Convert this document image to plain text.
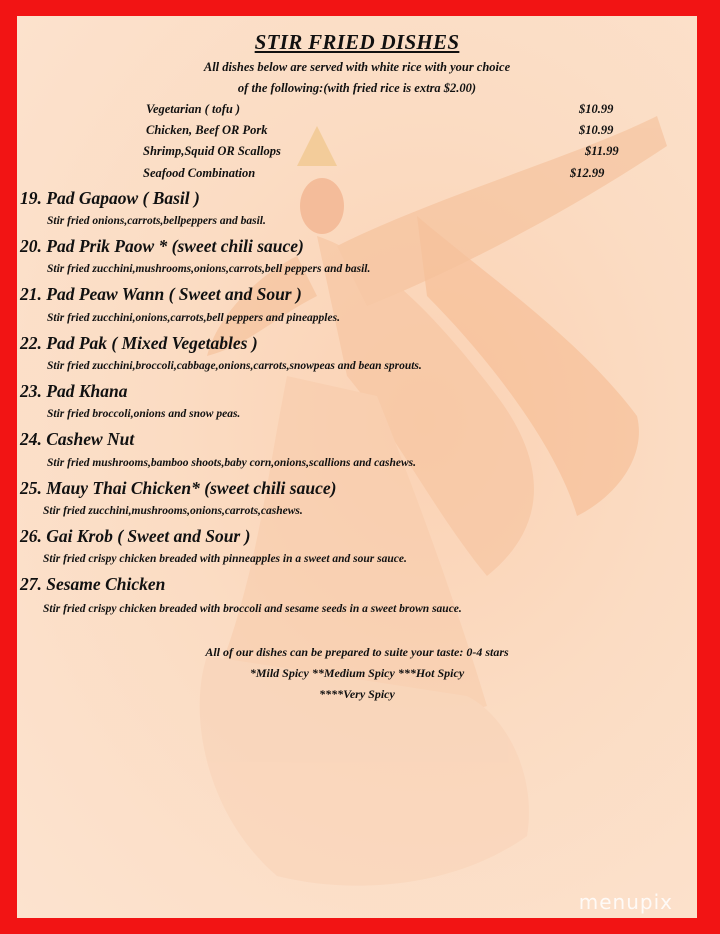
STIR FRIED DISHES
All dishes below are served with white rice with your choice
of the following:(with fried rice is extra $2.00)
Vegetarian ( tofu )	$10.99
Chicken, Beef OR Pork	$10.99
Shrimp,Squid OR Scallops	$11.99
Seafood Combination	$12.99
19. Pad Gapaow ( Basil )
Stir fried onions,carrots,bellpeppers and basil.
20. Pad Prik Paow * (sweet chili sauce)
Stir fried zucchini,mushrooms,onions,carrots,bell peppers and basil.
21. Pad Peaw Wann ( Sweet and Sour )
Stir fried zucchini,onions,carrots,bell peppers and pineapples.
22. Pad Pak ( Mixed Vegetables )
Stir fried zucchini,broccoli,cabbage,onions,carrots,snowpeas and bean sprouts.
23. Pad Khana
Stir fried broccoli,onions and snow peas.
24. Cashew Nut
Stir fried mushrooms,bamboo shoots,baby corn,onions,scallions and cashews.
25. Mauy Thai Chicken* (sweet chili sauce)
Stir fried zucchini,mushrooms,onions,carrots,cashews.
26. Gai Krob ( Sweet and Sour )
Stir fried crispy chicken breaded with pinneapples in a sweet and sour sauce.
27. Sesame Chicken
Stir fried crispy chicken breaded with broccoli and sesame seeds in a sweet brown sauce.
All of our dishes can be prepared to suite your taste: 0-4 stars
*Mild Spicy **Medium Spicy ***Hot Spicy
****Very Spicy
menupix
